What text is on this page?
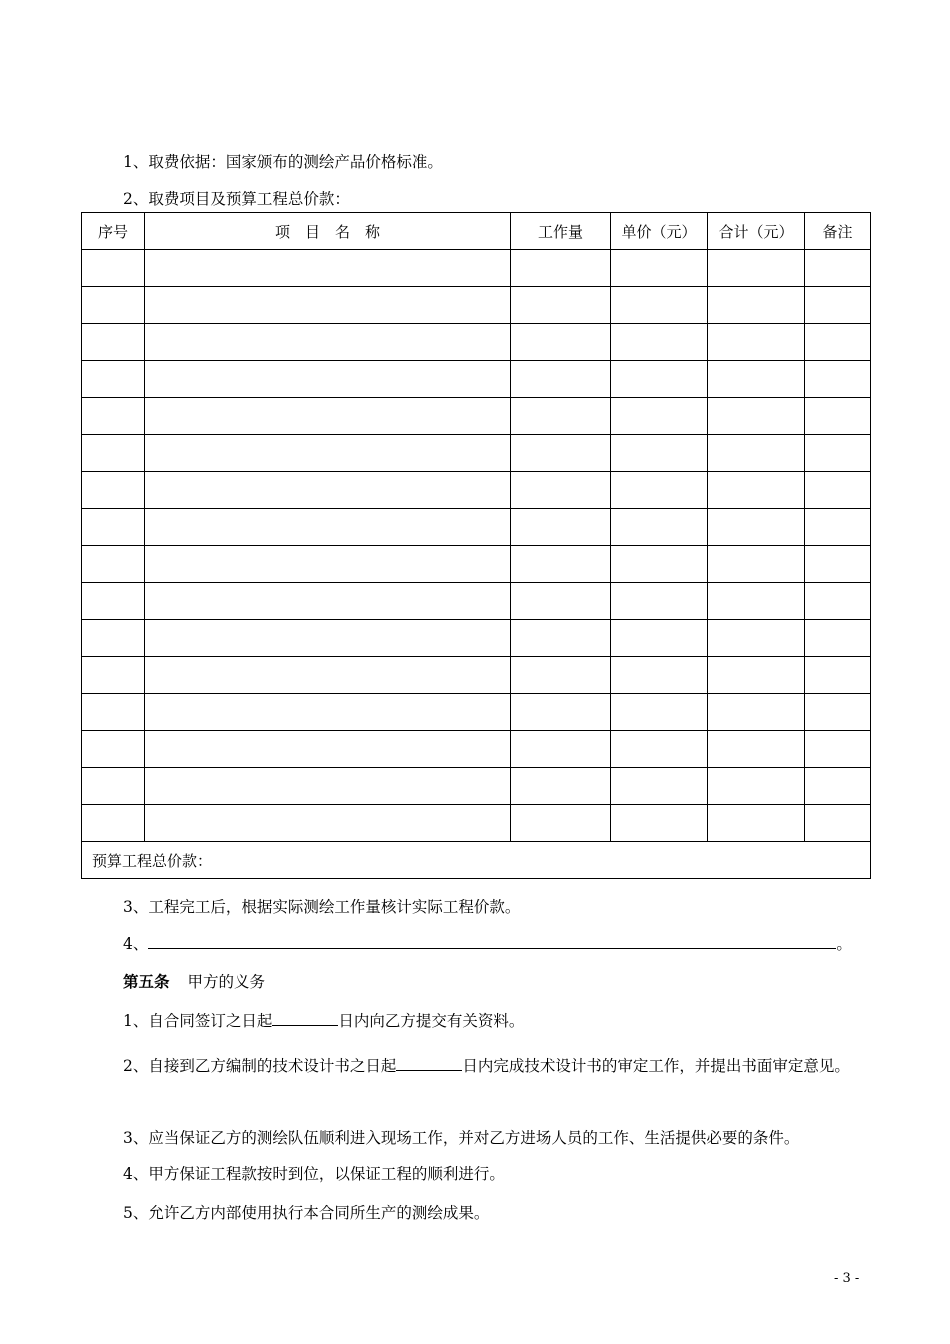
1、取费依据：国家颁布的测绘产品价格标准。
2、取费项目及预算工程总价款：
序号	项　目　名　称	工作量	单价（元）	合计（元）	备注

预算工程总价款：					
3、工程完工后，根据实际测绘工作量核计实际工程价款。
4、	。
第五条 甲方的义务
1、自合同签订之日起	日内向乙方提交有关资料。
2、自接到乙方编制的技术设计书之日起	日内完成技术设计书的审定工作，并提出书面审定意见。
3、应当保证乙方的测绘队伍顺利进入现场工作，并对乙方进场人员的工作、生活提供必要的条件。
4、甲方保证工程款按时到位，以保证工程的顺利进行。
5、允许乙方内部使用执行本合同所生产的测绘成果。
- 3 -
